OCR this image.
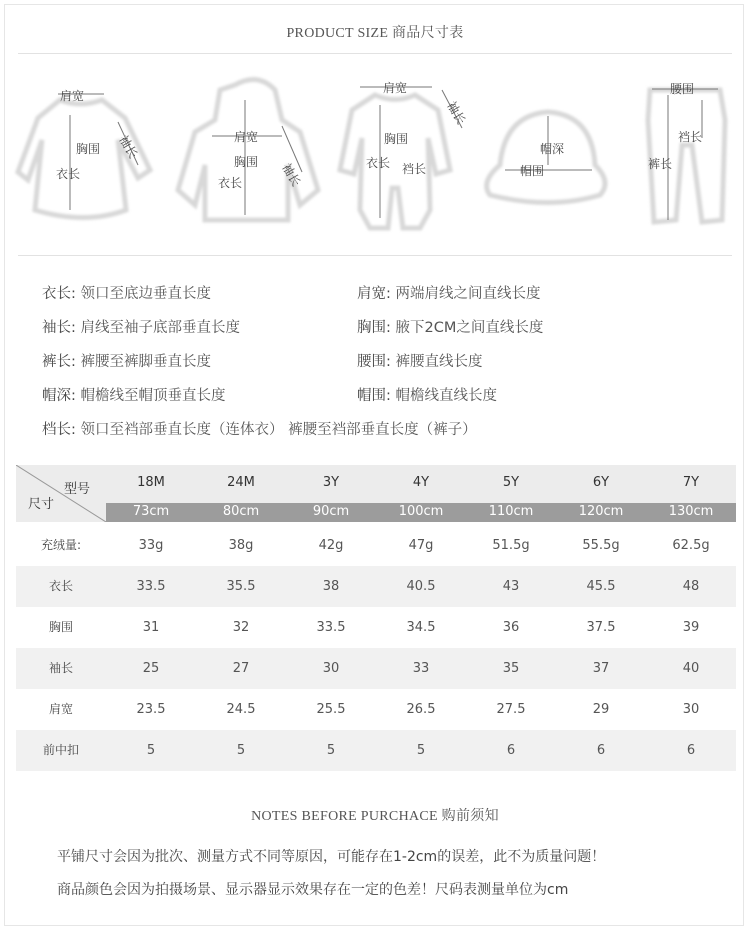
PRODUCT SIZE 商品尺寸表
肩宽
袖长
胸围
衣长
肩宽
胸围
衣长	袖长
肩宽
袖长
胸围
衣长 裆长
帽深
帽围
腰围
裆长
裤长
衣长: 领口至底边垂直长度	肩宽: 两端肩线之间直线长度
袖长: 肩线至袖子底部垂直长度	胸围: 腋下2CM之间直线长度
裤长: 裤腰至裤脚垂直长度	腰围: 裤腰直线长度
帽深: 帽檐线至帽顶垂直长度	帽围: 帽檐线直线长度
档长: 领口至裆部垂直长度（连体衣） 裤腰至裆部垂直长度（裤子）
型号
尺寸
18M	24M	3Y	4Y	5Y	6Y	7Y
73cm	80cm	90cm	100cm	110cm	120cm	130cm
充绒量:	33g	38g	42g	47g	51.5g	55.5g	62.5g
衣长	33.5	35.5	38	40.5	43	45.5	48
胸围	31	32	33.5	34.5	36	37.5	39
袖长	25	27	30	33	35	37	40
肩宽	23.5	24.5	25.5	26.5	27.5	29	30
前中扣	5	5	5	5	6	6	6
NOTES BEFORE PURCHACE 购前须知
平铺尺寸会因为批次、测量方式不同等原因，可能存在1-2cm的误差，此不为质量问题！
商品颜色会因为拍摄场景、显示器显示效果存在一定的色差！尺码表测量单位为cm
